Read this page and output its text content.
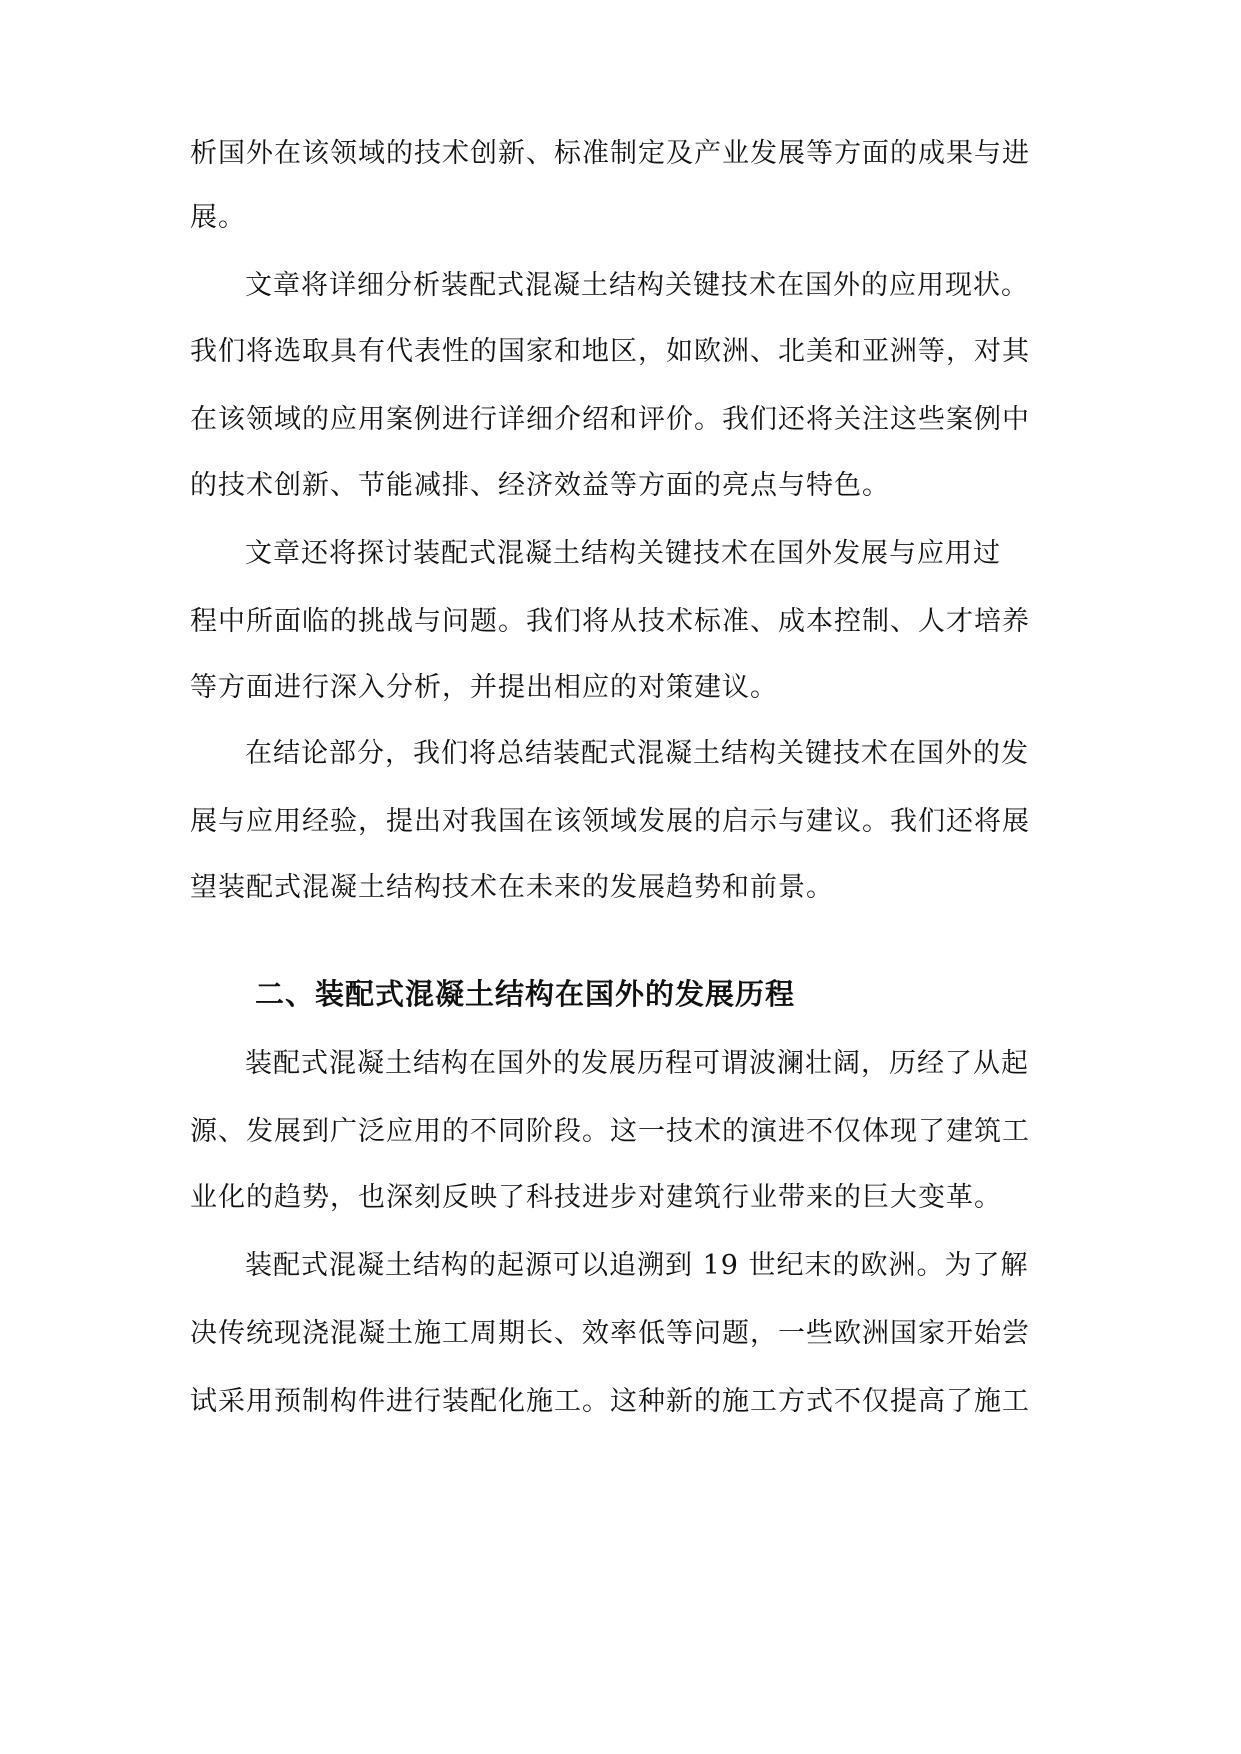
析国外在该领域的技术创新、标准制定及产业发展等方面的成果与进
展。
文章将详细分析装配式混凝土结构关键技术在国外的应用现状。
我们将选取具有代表性的国家和地区，如欧洲、北美和亚洲等，对其
在该领域的应用案例进行详细介绍和评价。我们还将关注这些案例中
的技术创新、节能减排、经济效益等方面的亮点与特色。
文章还将探讨装配式混凝土结构关键技术在国外发展与应用过
程中所面临的挑战与问题。我们将从技术标准、成本控制、人才培养
等方面进行深入分析，并提出相应的对策建议。
在结论部分，我们将总结装配式混凝土结构关键技术在国外的发
展与应用经验，提出对我国在该领域发展的启示与建议。我们还将展
望装配式混凝土结构技术在未来的发展趋势和前景。
二、装配式混凝土结构在国外的发展历程
装配式混凝土结构在国外的发展历程可谓波澜壮阔，历经了从起
源、发展到广泛应用的不同阶段。这一技术的演进不仅体现了建筑工
业化的趋势，也深刻反映了科技进步对建筑行业带来的巨大变革。
装配式混凝土结构的起源可以追溯到 19 世纪末的欧洲。为了解
决传统现浇混凝土施工周期长、效率低等问题，一些欧洲国家开始尝
试采用预制构件进行装配化施工。这种新的施工方式不仅提高了施工
